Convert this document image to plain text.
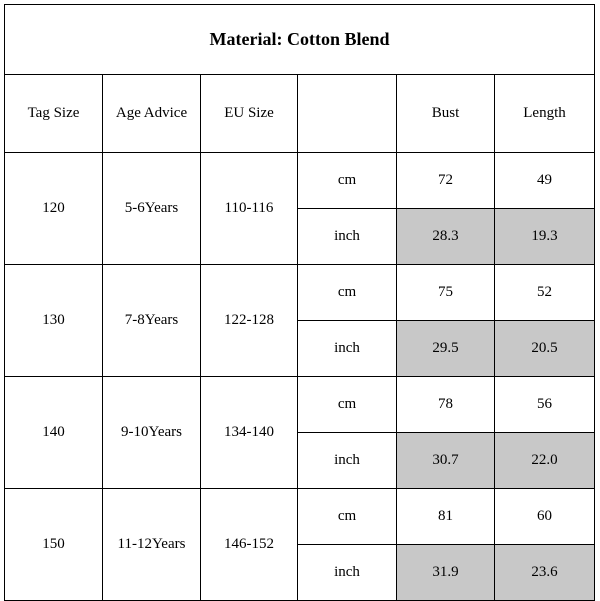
Material: Cotton Blend					
Tag Size	Age Advice	EU Size		Bust	Length
120	5-6Years	110-116	cm	72	49
			inch	28.3	19.3
130	7-8Years	122-128	cm	75	52
			inch	29.5	20.5
140	9-10Years	134-140	cm	78	56
			inch	30.7	22.0
150	11-12Years	146-152	cm	81	60
			inch	31.9	23.6
